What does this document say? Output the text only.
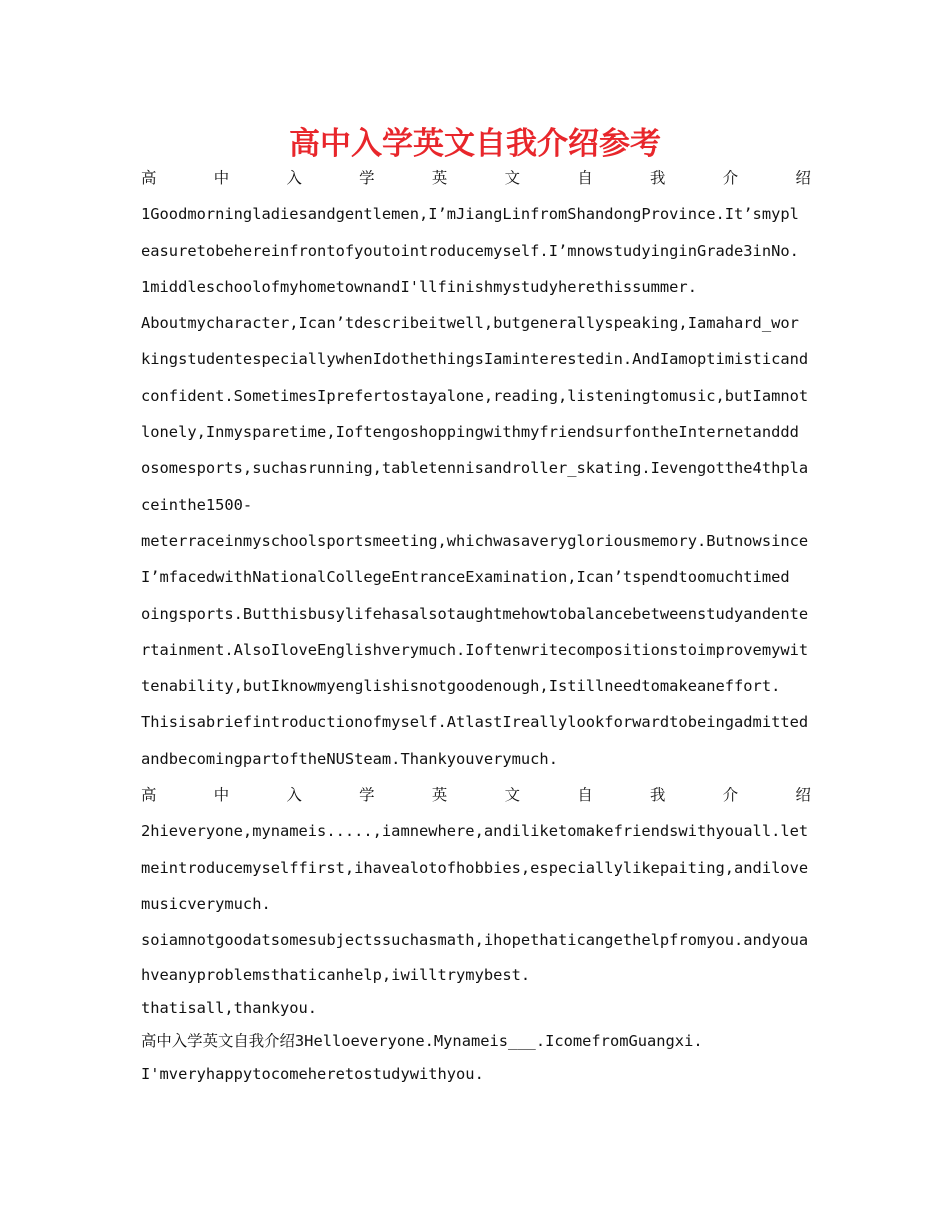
高中入学英文自我介绍参考
高	中	入	学	英	文	自	我	介	绍
1Goodmorningladiesandgentlemen,I’mJiangLinfromShandongProvince.It’smypl
easuretobehereinfrontofyoutointroducemyself.I’mnowstudyinginGrade3inNo.
1middleschoolofmyhometownandI'llfinishmystudyherethissummer.
Aboutmycharacter,Ican’tdescribeitwell,butgenerallyspeaking,Iamahard_wor
kingstudentespeciallywhenIdothethingsIaminterestedin.AndIamoptimisticand
confident.SometimesIprefertostayalone,reading,listeningtomusic,butIamnot
lonely,Inmysparetime,IoftengoshoppingwithmyfriendsurfontheInternetanddd
osomesports,suchasrunning,tabletennisandroller_skating.Ievengotthe4thpla
ceinthe1500-
meterraceinmyschoolsportsmeeting,whichwasaverygloriousmemory.Butnowsince
I’mfacedwithNationalCollegeEntranceExamination,Ican’tspendtoomuchtimed
oingsports.Butthisbusylifehasalsotaughtmehowtobalancebetweenstudyandente
rtainment.AlsoIloveEnglishverymuch.Ioftenwritecompositionstoimprovemywit
tenability,butIknowmyenglishisnotgoodenough,Istillneedtomakeaneffort.
Thisisabriefintroductionofmyself.AtlastIreallylookforwardtobeingadmitted
andbecomingpartoftheNUSteam.Thankyouverymuch.
高	中	入	学	英	文	自	我	介	绍
2hieveryone,mynameis.....,iamnewhere,andiliketomakefriendswithyouall.let
meintroducemyselffirst,ihavealotofhobbies,especiallylikepaiting,andilove
musicverymuch.
soiamnotgoodatsomesubjectssuchasmath,ihopethaticangethelpfromyou.andyoua
hveanyproblemsthaticanhelp,iwilltrymybest.
thatisall,thankyou.
高中入学英文自我介绍3Helloeveryone.Mynameis___.IcomefromGuangxi.
I'mveryhappytocomeheretostudywithyou.
